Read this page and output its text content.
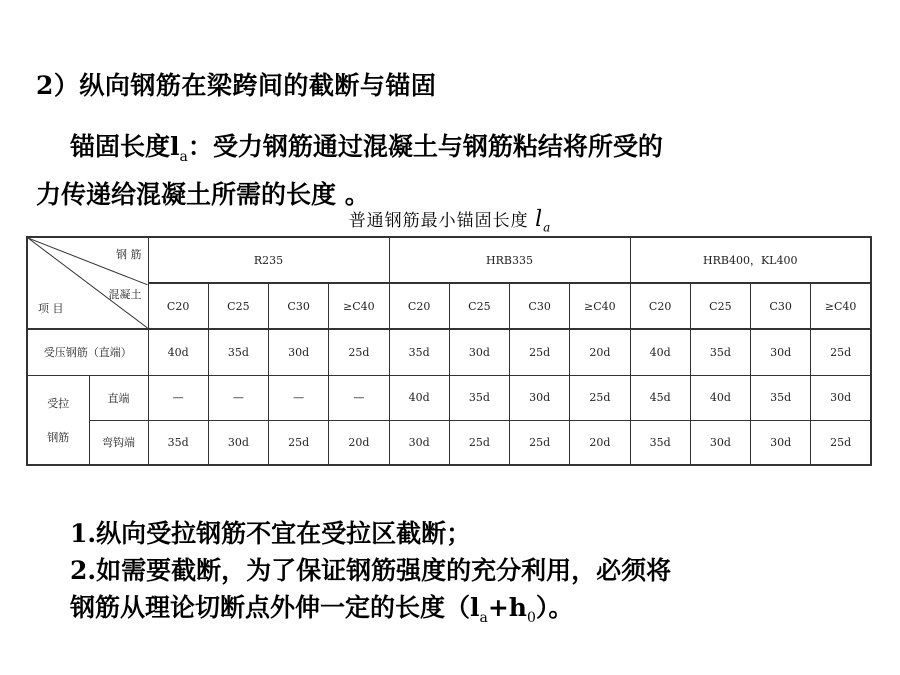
2）纵向钢筋在梁跨间的截断与锚固
锚固长度$l_a$：受力钢筋通过混凝土与钢筋粘结将所受的
力传递给混凝土所需的长度 。
普通钢筋最小锚固长度 $l_a$
钢 筋
混凝土
项 目		R235				HRB335				HRB400，KL400			
		C20	C25	C30	≥C40	C20	C25	C30	≥C40	C20	C25	C30	≥C40
受压钢筋（直端）		40d	35d	30d	25d	35d	30d	25d	20d	40d	35d	30d	25d

受拉
钢筋	直端	—	—	—	—	40d	35d	30d	25d	45d	40d	35d	30d
	弯钩端	35d	30d	25d	20d	30d	25d	25d	20d	35d	30d	30d	25d
1.纵向受拉钢筋不宜在受拉区截断；
2.如需要截断，为了保证钢筋强度的充分利用，必须将
钢筋从理论切断点外伸一定的长度$(l_a+h_0)$。
